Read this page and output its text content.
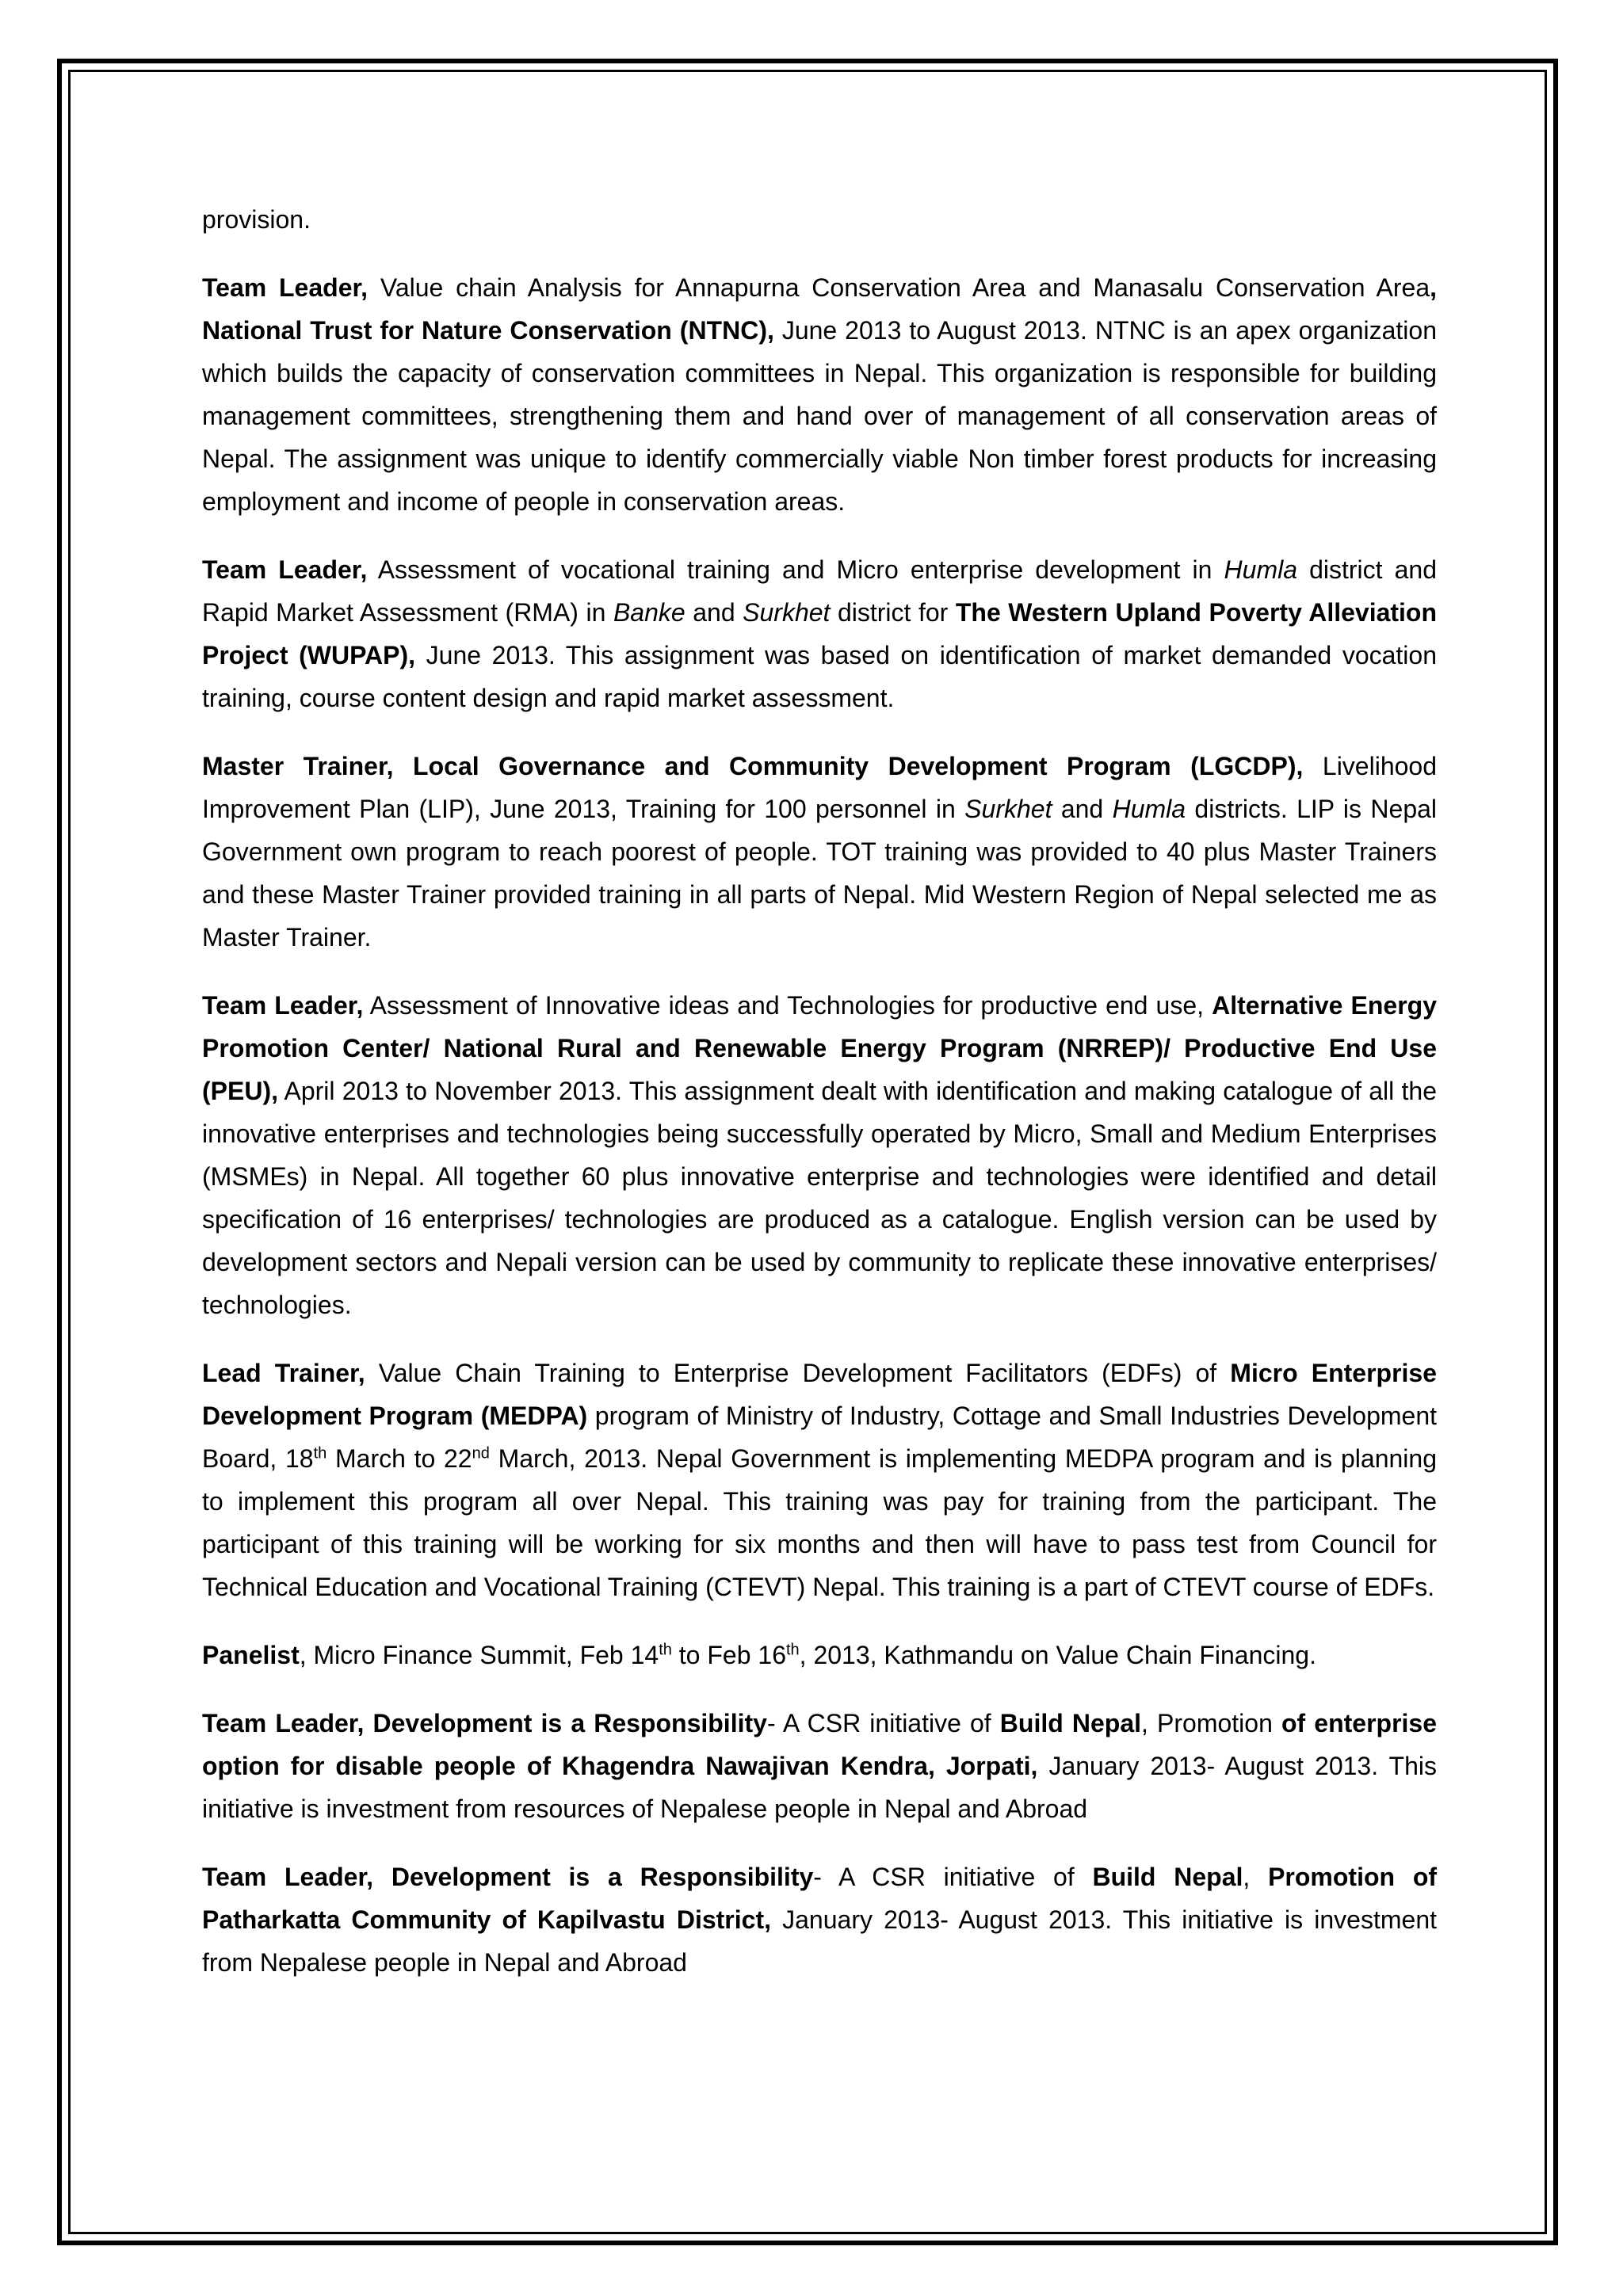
provision.

Team Leader, Value chain Analysis for Annapurna Conservation Area and Manasalu Conservation Area, National Trust for Nature Conservation (NTNC), June 2013 to August 2013. NTNC is an apex organization which builds the capacity of conservation committees in Nepal. This organization is responsible for building management committees, strengthening them and hand over of management of all conservation areas of Nepal. The assignment was unique to identify commercially viable Non timber forest products for increasing employment and income of people in conservation areas.

Team Leader, Assessment of vocational training and Micro enterprise development in Humla district and Rapid Market Assessment (RMA) in Banke and Surkhet district for The Western Upland Poverty Alleviation Project (WUPAP), June 2013. This assignment was based on identification of market demanded vocation training, course content design and rapid market assessment.

Master Trainer, Local Governance and Community Development Program (LGCDP), Livelihood Improvement Plan (LIP), June 2013, Training for 100 personnel in Surkhet and Humla districts. LIP is Nepal Government own program to reach poorest of people. TOT training was provided to 40 plus Master Trainers and these Master Trainer provided training in all parts of Nepal. Mid Western Region of Nepal selected me as Master Trainer.

Team Leader, Assessment of Innovative ideas and Technologies for productive end use, Alternative Energy Promotion Center/ National Rural and Renewable Energy Program (NRREP)/ Productive End Use (PEU), April 2013 to November 2013. This assignment dealt with identification and making catalogue of all the innovative enterprises and technologies being successfully operated by Micro, Small and Medium Enterprises (MSMEs) in Nepal. All together 60 plus innovative enterprise and technologies were identified and detail specification of 16 enterprises/ technologies are produced as a catalogue. English version can be used by development sectors and Nepali version can be used by community to replicate these innovative enterprises/ technologies.

Lead Trainer, Value Chain Training to Enterprise Development Facilitators (EDFs) of Micro Enterprise Development Program (MEDPA) program of Ministry of Industry, Cottage and Small Industries Development Board, 18th March to 22nd March, 2013. Nepal Government is implementing MEDPA program and is planning to implement this program all over Nepal. This training was pay for training from the participant. The participant of this training will be working for six months and then will have to pass test from Council for Technical Education and Vocational Training (CTEVT) Nepal. This training is a part of CTEVT course of EDFs.

Panelist, Micro Finance Summit, Feb 14th to Feb 16th, 2013, Kathmandu on Value Chain Financing.

Team Leader, Development is a Responsibility- A CSR initiative of Build Nepal, Promotion of enterprise option for disable people of Khagendra Nawajivan Kendra, Jorpati, January 2013- August 2013. This initiative is investment from resources of Nepalese people in Nepal and Abroad

Team Leader, Development is a Responsibility- A CSR initiative of Build Nepal, Promotion of Patharkatta Community of Kapilvastu District, January 2013- August 2013. This initiative is investment from Nepalese people in Nepal and Abroad
